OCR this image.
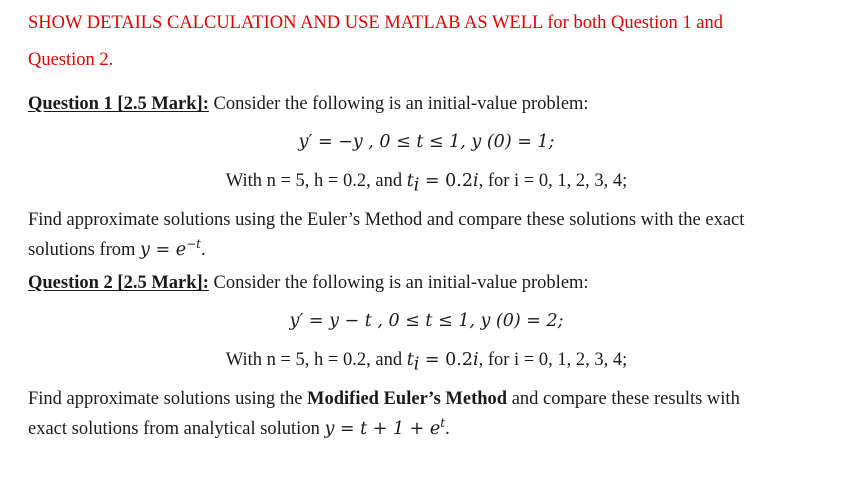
SHOW DETAILS CALCULATION AND USE MATLAB AS WELL for both Question 1 and
Question 2.
Question 1 [2.5 Mark]: Consider the following is an initial-value problem:
y′ = −y , 0 ≤ t ≤ 1, y (0) = 1;
With n = 5, h = 0.2, and $t_i = 0.2i$, for i = 0, 1, 2, 3, 4;
Find approximate solutions using the Euler’s Method and compare these solutions with the exact
solutions from $y = e^{-t}$.
Question 2 [2.5 Mark]: Consider the following is an initial-value problem:
y′ = y − t , 0 ≤ t ≤ 1, y (0) = 2;
With n = 5, h = 0.2, and $t_i = 0.2i$, for i = 0, 1, 2, 3, 4;
Find approximate solutions using the Modified Euler’s Method and compare these results with
exact solutions from analytical solution $y = t + 1 + e^t$.
